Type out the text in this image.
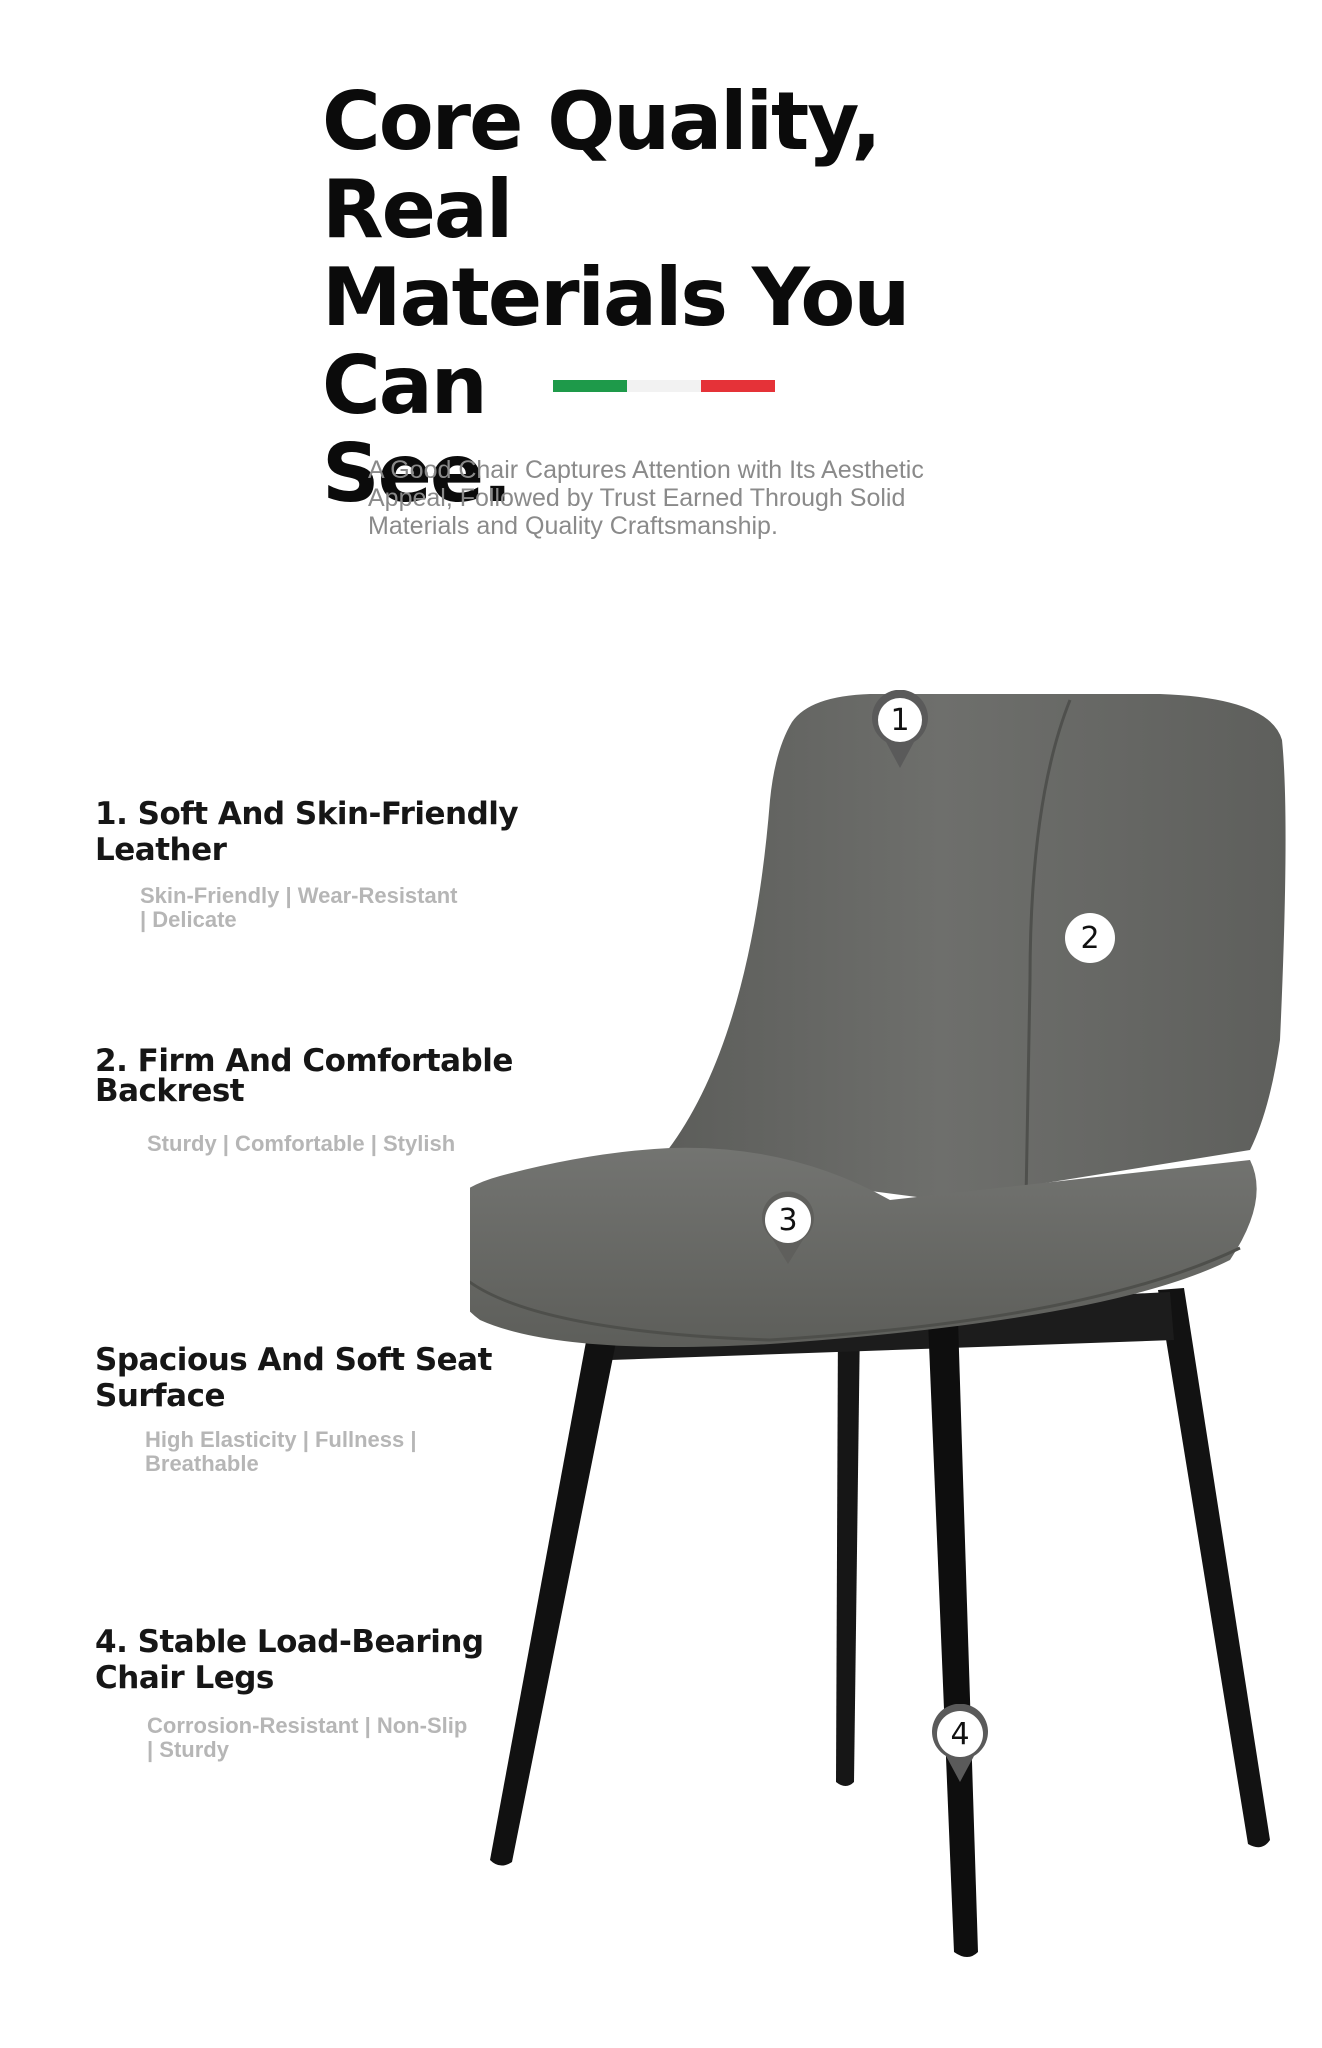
Core Quality, Real
Materials You Can
See.
A Good Chair Captures Attention with Its Aesthetic
Appeal, Followed by Trust Earned Through Solid
Materials and Quality Craftsmanship.
1. Soft And Skin-Friendly
Leather
Skin-Friendly | Wear-Resistant
| Delicate
2. Firm And Comfortable
Backrest
Sturdy | Comfortable | Stylish
Spacious And Soft Seat
Surface
High Elasticity | Fullness |
Breathable
4. Stable Load-Bearing
Chair Legs
Corrosion-Resistant | Non-Slip
| Sturdy
1
2
3
4
